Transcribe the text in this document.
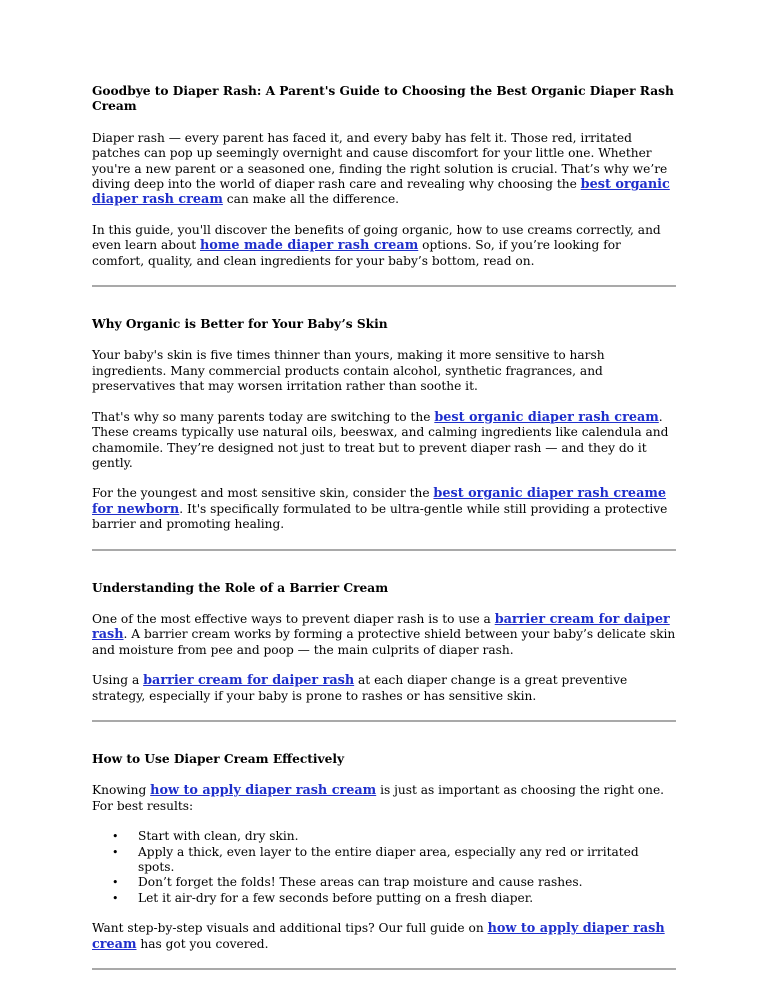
Goodbye to Diaper Rash: A Parent's Guide to Choosing the Best Organic Diaper Rash Cream

Diaper rash — every parent has faced it, and every baby has felt it. Those red, irritated patches can pop up seemingly overnight and cause discomfort for your little one. Whether you're a new parent or a seasoned one, finding the right solution is crucial. That’s why we’re diving deep into the world of diaper rash care and revealing why choosing the best organic diaper rash cream can make all the difference.

In this guide, you'll discover the benefits of going organic, how to use creams correctly, and even learn about home made diaper rash cream options. So, if you’re looking for comfort, quality, and clean ingredients for your baby’s bottom, read on.

Why Organic is Better for Your Baby’s Skin

Your baby's skin is five times thinner than yours, making it more sensitive to harsh ingredients. Many commercial products contain alcohol, synthetic fragrances, and preservatives that may worsen irritation rather than soothe it.

That's why so many parents today are switching to the best organic diaper rash cream. These creams typically use natural oils, beeswax, and calming ingredients like calendula and chamomile. They’re designed not just to treat but to prevent diaper rash — and they do it gently.

For the youngest and most sensitive skin, consider the best organic diaper rash creame for newborn. It's specifically formulated to be ultra-gentle while still providing a protective barrier and promoting healing.

Understanding the Role of a Barrier Cream

One of the most effective ways to prevent diaper rash is to use a barrier cream for daiper rash. A barrier cream works by forming a protective shield between your baby’s delicate skin and moisture from pee and poop — the main culprits of diaper rash.

Using a barrier cream for daiper rash at each diaper change is a great preventive strategy, especially if your baby is prone to rashes or has sensitive skin.

How to Use Diaper Cream Effectively

Knowing how to apply diaper rash cream is just as important as choosing the right one. For best results:

• Start with clean, dry skin.
• Apply a thick, even layer to the entire diaper area, especially any red or irritated spots.
• Don’t forget the folds! These areas can trap moisture and cause rashes.
• Let it air-dry for a few seconds before putting on a fresh diaper.

Want step-by-step visuals and additional tips? Our full guide on how to apply diaper rash cream has got you covered.
